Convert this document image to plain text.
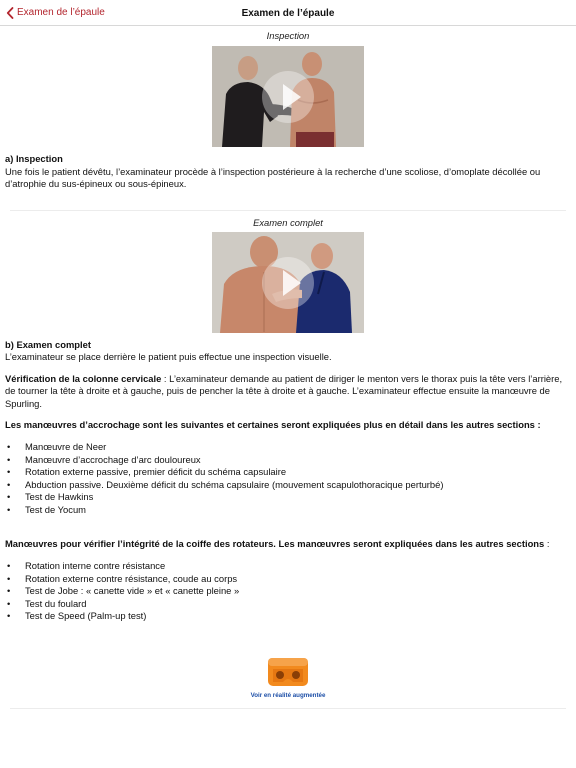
Examen de l’épaule	Examen de l’épaule
Inspection
a) Inspection
Une fois le patient dévêtu, l’examinateur procède à l’inspection postérieure à la recherche d’une scoliose, d’omoplate décollée ou d’atrophie du sus-épineux ou sous-épineux.
Examen complet
b) Examen complet
L’examinateur se place derrière le patient puis effectue une inspection visuelle.
Vérification de la colonne cervicale : L’examinateur demande au patient de diriger le menton vers le thorax puis la tête vers l’arrière, de tourner la tête à droite et à gauche, puis de pencher la tête à droite et à gauche. L’examinateur effectue ensuite la manœuvre de Spurling.
Les manœuvres d’accrochage sont les suivantes et certaines seront expliquées plus en détail dans les autres sections :
• Manœuvre de Neer
• Manœuvre d’accrochage d’arc douloureux
• Rotation externe passive, premier déficit du schéma capsulaire
• Abduction passive. Deuxième déficit du schéma capsulaire (mouvement scapulothoracique perturbé)
• Test de Hawkins
• Test de Yocum
Manœuvres pour vérifier l’intégrité de la coiffe des rotateurs. Les manœuvres seront expliquées dans les autres sections :
• Rotation interne contre résistance
• Rotation externe contre résistance, coude au corps
• Test de Jobe : « canette vide » et « canette pleine »
• Test du foulard
• Test de Speed (Palm-up test)
Voir en réalité augmentée
